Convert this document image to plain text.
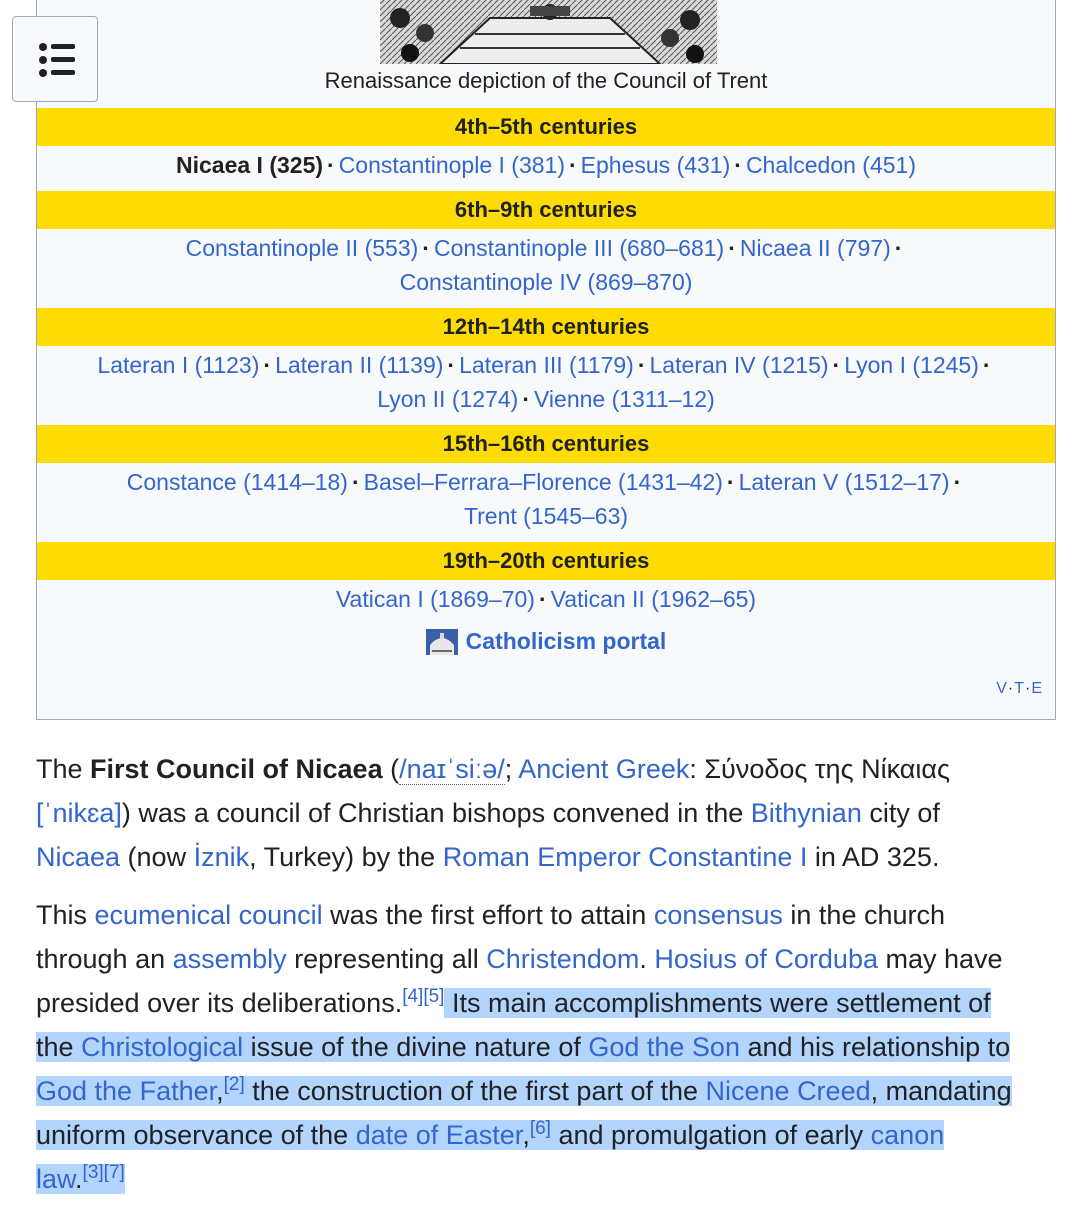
Renaissance depiction of the Council of Trent
4th–5th centuries
Nicaea I (325) · Constantinople I (381) · Ephesus (431) · Chalcedon (451)
6th–9th centuries
Constantinople II (553) · Constantinople III (680–681) · Nicaea II (797) ·
Constantinople IV (869–870)
12th–14th centuries
Lateran I (1123) · Lateran II (1139) · Lateran III (1179) · Lateran IV (1215) · Lyon I (1245) ·
Lyon II (1274) · Vienne (1311–12)
15th–16th centuries
Constance (1414–18) · Basel–Ferrara–Florence (1431–42) · Lateran V (1512–17) ·
Trent (1545–63)
19th–20th centuries
Vatican I (1869–70) · Vatican II (1962–65)
Catholicism portal
V·T·E
The First Council of Nicaea (/naɪˈsiːə/; Ancient Greek: Σύνοδος της Νίκαιας
[ˈnikɛa]) was a council of Christian bishops convened in the Bithynian city of
Nicaea (now İznik, Turkey) by the Roman Emperor Constantine I in AD 325.
This ecumenical council was the first effort to attain consensus in the church
through an assembly representing all Christendom. Hosius of Corduba may have
presided over its deliberations.[4][5] Its main accomplishments were settlement of
the Christological issue of the divine nature of God the Son and his relationship to
God the Father,[2] the construction of the first part of the Nicene Creed, mandating
uniform observance of the date of Easter,[6] and promulgation of early canon
law.[3][7]
